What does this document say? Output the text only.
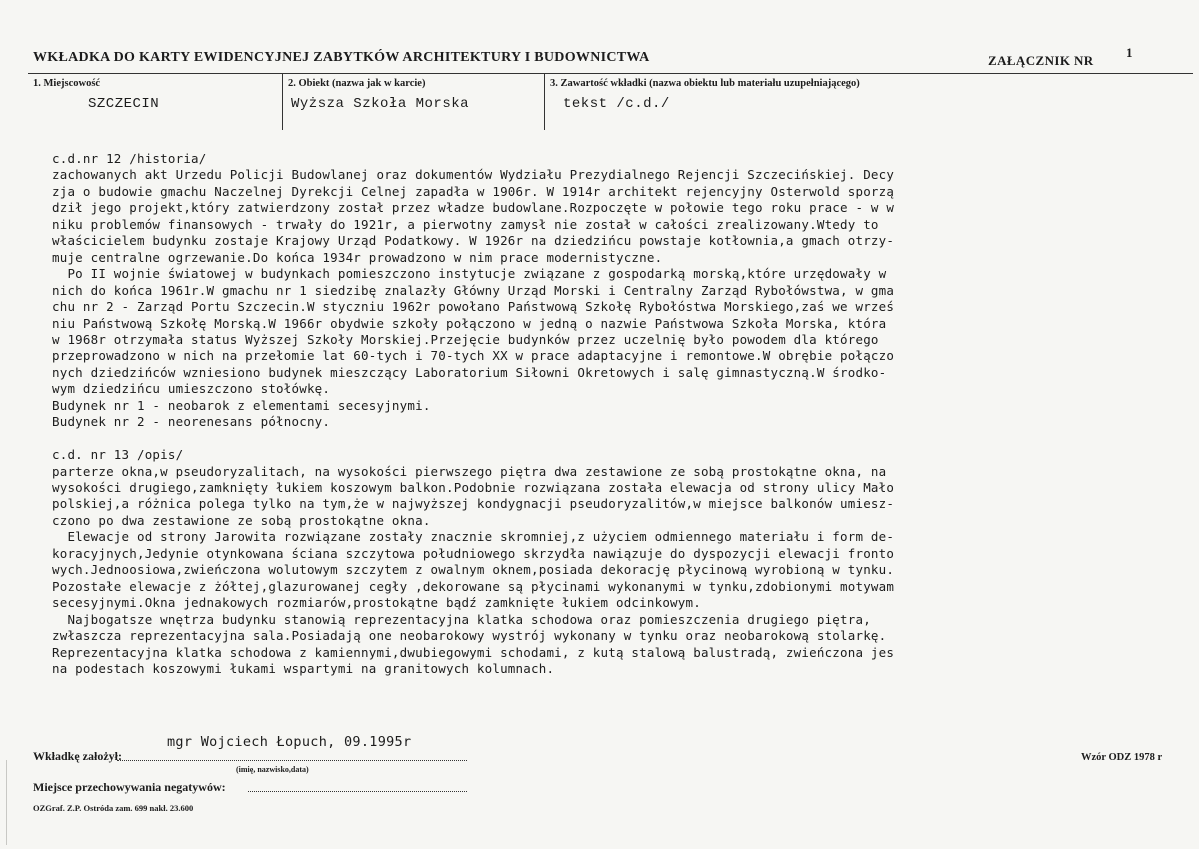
WKŁADKA DO KARTY EWIDENCYJNEJ ZABYTKÓW ARCHITEKTURY I BUDOWNICTWA	ZAŁĄCZNIK NR
1
1. Miejscowość
SZCZECIN
2. Obiekt (nazwa jak w karcie)
Wyższa Szkoła Morska
3. Zawartość wkładki (nazwa obiektu lub materiału uzupełniającego)
tekst /c.d./
c.d.nr 12 /historia/
zachowanych akt Urzedu Policji Budowlanej oraz dokumentów Wydziału Prezydialnego Rejencji Szczecińskiej. Decy
zja o budowie gmachu Naczelnej Dyrekcji Celnej zapadła w 1906r. W 1914r architekt rejencyjny Osterwold sporzą
dził jego projekt,który zatwierdzony został przez władze budowlane.Rozpoczęte w połowie tego roku prace - w w
niku problemów finansowych - trwały do 1921r, a pierwotny zamysł nie został w całości zrealizowany.Wtedy to
właścicielem budynku zostaje Krajowy Urząd Podatkowy. W 1926r na dziedzińcu powstaje kotłownia,a gmach otrzy-
muje centralne ogrzewanie.Do końca 1934r prowadzono w nim prace modernistyczne.
Po II wojnie światowej w budynkach pomieszczono instytucje związane z gospodarką morską,które urzędowały w
nich do końca 1961r.W gmachu nr 1 siedzibę znalazły Główny Urząd Morski i Centralny Zarząd Rybołówstwa, w gma
chu nr 2 - Zarząd Portu Szczecin.W styczniu 1962r powołano Państwową Szkołę Rybołóstwa Morskiego,zaś we wrześ
niu Państwową Szkołę Morską.W 1966r obydwie szkoły połączono w jedną o nazwie Państwowa Szkoła Morska, która
w 1968r otrzymała status Wyższej Szkoły Morskiej.Przejęcie budynków przez uczelnię było powodem dla którego
przeprowadzono w nich na przełomie lat 60-tych i 70-tych XX w prace adaptacyjne i remontowe.W obrębie połączo
nych dziedzińców wzniesiono budynek mieszczący Laboratorium Siłowni Okretowych i salę gimnastyczną.W środko-
wym dziedzińcu umieszczono stołówkę.
Budynek nr 1 - neobarok z elementami secesyjnymi.
Budynek nr 2 - neorenesans północny.
c.d. nr 13 /opis/
parterze okna,w pseudoryzalitach, na wysokości pierwszego piętra dwa zestawione ze sobą prostokątne okna, na
wysokości drugiego,zamknięty łukiem koszowym balkon.Podobnie rozwiązana została elewacja od strony ulicy Mało
polskiej,a różnica polega tylko na tym,że w najwyższej kondygnacji pseudoryzalitów,w miejsce balkonów umiesz-
czono po dwa zestawione ze sobą prostokątne okna.
Elewacje od strony Jarowita rozwiązane zostały znacznie skromniej,z użyciem odmiennego materiału i form de-
koracyjnych,Jedynie otynkowana ściana szczytowa południowego skrzydła nawiązuje do dyspozycji elewacji fronto
wych.Jednoosiowa,zwieńczona wolutowym szczytem z owalnym oknem,posiada dekorację płycinową wyrobioną w tynku.
Pozostałe elewacje z żółtej,glazurowanej cegły ,dekorowane są płycinami wykonanymi w tynku,zdobionymi motywam
secesyjnymi.Okna jednakowych rozmiarów,prostokątne bądź zamknięte łukiem odcinkowym.
Najbogatsze wnętrza budynku stanowią reprezentacyjna klatka schodowa oraz pomieszczenia drugiego piętra,
zwłaszcza reprezentacyjna sala.Posiadają one neobarokowy wystrój wykonany w tynku oraz neobarokową stolarkę.
Reprezentacyjna klatka schodowa z kamiennymi,dwubiegowymi schodami, z kutą stalową balustradą, zwieńczona jes
na podestach koszowymi łukami wspartymi na granitowych kolumnach.
Wkładkę założył:
mgr Wojciech Łopuch, 09.1995r
(imię, nazwisko,data)
Miejsce przechowywania negatywów:
OZGraf. Z.P. Ostróda zam. 699 nakł. 23.600
Wzór ODZ 1978 r
